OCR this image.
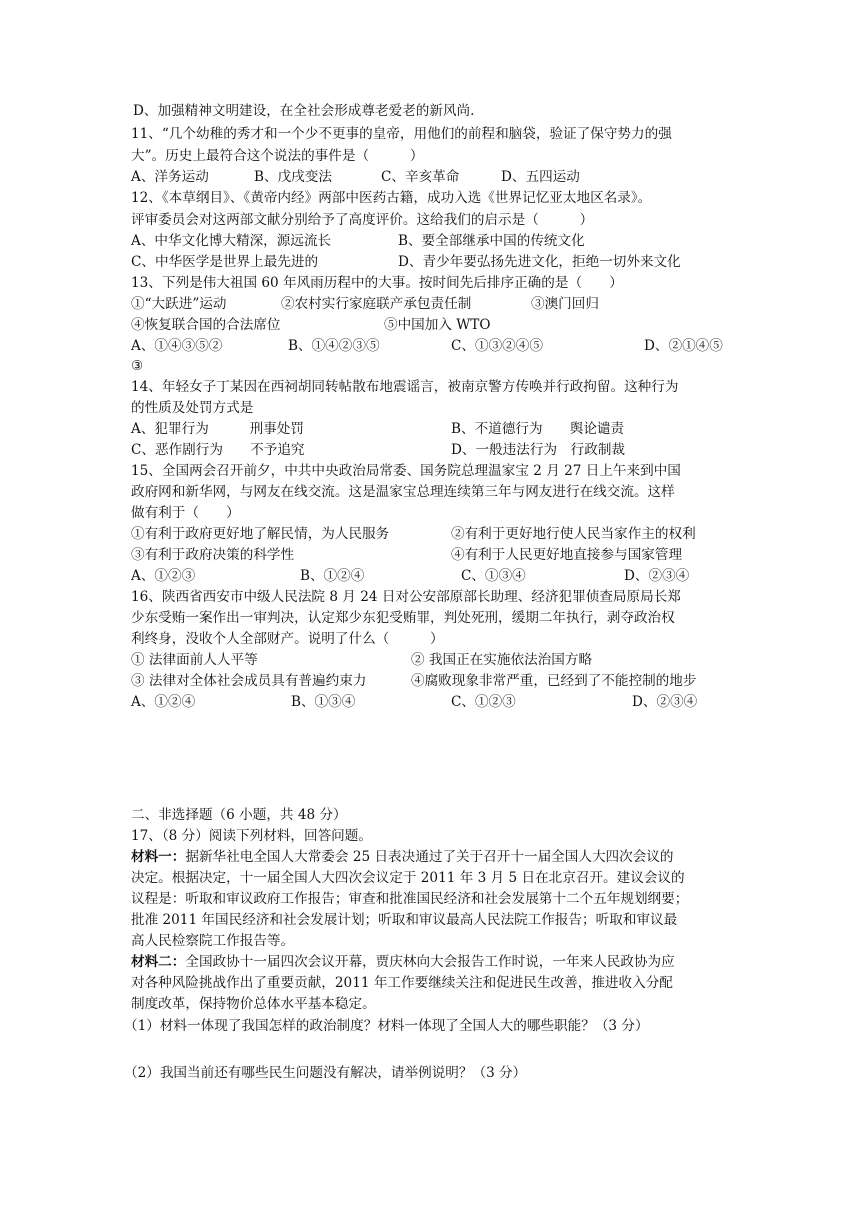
D、加强精神文明建设，在全社会形成尊老爱老的新风尚.
11、“几个幼稚的秀才和一个少不更事的皇帝，用他们的前程和脑袋，验证了保守势力的强
大”。历史上最符合这个说法的事件是（　　　）
A、洋务运动	B、戊戌变法	C、辛亥革命	D、五四运动
12、《本草纲目》、《黄帝内经》两部中医药古籍，成功入选《世界记忆亚太地区名录》。
评审委员会对这两部文献分别给予了高度评价。这给我们的启示是（　　　）
A、中华文化博大精深，源远流长	B、要全部继承中国的传统文化
C、中华医学是世界上最先进的	D、青少年要弘扬先进文化，拒绝一切外来文化
13、下列是伟大祖国 60 年风雨历程中的大事。按时间先后排序正确的是（　　）
①“大跃进”运动	②农村实行家庭联产承包责任制	③澳门回归
④恢复联合国的合法席位	⑤中国加入 WTO
A、①④③⑤②	B、①④②③⑤	C、①③②④⑤	D、②①④⑤
③
14、年轻女子丁某因在西祠胡同转帖散布地震谣言，被南京警方传唤并行政拘留。这种行为
的性质及处罚方式是
A、犯罪行为　　　刑事处罚	B、不道德行为　　舆论谴责
C、恶作剧行为　　不予追究	D、一般违法行为　行政制裁
15、全国两会召开前夕，中共中央政治局常委、国务院总理温家宝 2 月 27 日上午来到中国
政府网和新华网，与网友在线交流。这是温家宝总理连续第三年与网友进行在线交流。这样
做有利于（　　）
①有利于政府更好地了解民情，为人民服务	②有利于更好地行使人民当家作主的权利
③有利于政府决策的科学性	④有利于人民更好地直接参与国家管理
A、①②③	B、①②④	C、①③④	D、②③④
16、陕西省西安市中级人民法院 8 月 24 日对公安部原部长助理、经济犯罪侦查局原局长郑
少东受贿一案作出一审判决，认定郑少东犯受贿罪，判处死刑，缓期二年执行，剥夺政治权
利终身，没收个人全部财产。说明了什么（　　　）
① 法律面前人人平等	② 我国正在实施依法治国方略
③ 法律对全体社会成员具有普遍约束力	④腐败现象非常严重，已经到了不能控制的地步
A、①②④	B、①③④	C、①②③	D、②③④
二、非选择题（6 小题，共 48 分）
17、（8 分）阅读下列材料，回答问题。
材料一：据新华社电全国人大常委会 25 日表决通过了关于召开十一届全国人大四次会议的
决定。根据决定，十一届全国人大四次会议定于 2011 年 3 月 5 日在北京召开。建议会议的
议程是：听取和审议政府工作报告；审查和批准国民经济和社会发展第十二个五年规划纲要；
批准 2011 年国民经济和社会发展计划；听取和审议最高人民法院工作报告；听取和审议最
高人民检察院工作报告等。
材料二：全国政协十一届四次会议开幕，贾庆林向大会报告工作时说，一年来人民政协为应
对各种风险挑战作出了重要贡献，2011 年工作要继续关注和促进民生改善，推进收入分配
制度改革，保持物价总体水平基本稳定。
（1）材料一体现了我国怎样的政治制度？材料一体现了全国人大的哪些职能？（3 分）
（2）我国当前还有哪些民生问题没有解决，请举例说明？（3 分）
